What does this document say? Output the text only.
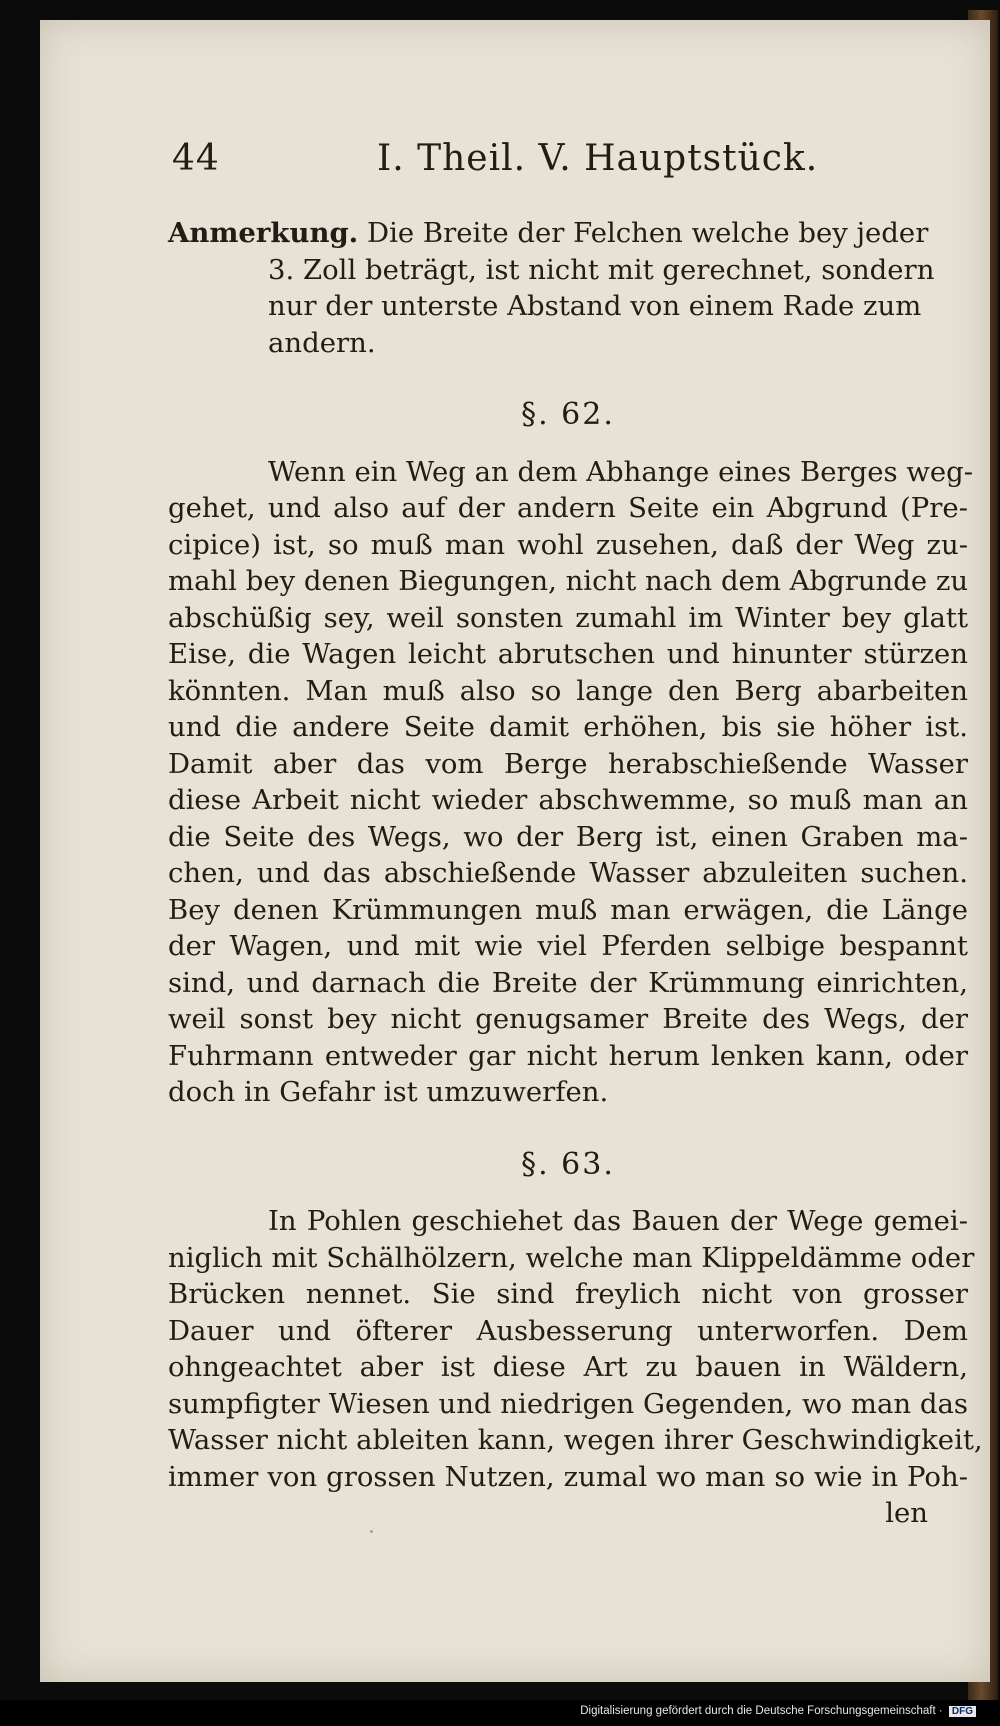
44	I. Theil. V. Hauptstück.
Anmerkung. Die Breite der Felchen welche bey jeder
3. Zoll beträgt, ist nicht mit gerechnet, sondern
nur der unterste Abstand von einem Rade zum
andern.
§. 62.
Wenn ein Weg an dem Abhange eines Berges weg-
gehet, und also auf der andern Seite ein Abgrund (Pre-
cipice) ist, so muß man wohl zusehen, daß der Weg zu-
mahl bey denen Biegungen, nicht nach dem Abgrunde zu
abschüßig sey, weil sonsten zumahl im Winter bey glatt
Eise, die Wagen leicht abrutschen und hinunter stürzen
könnten. Man muß also so lange den Berg abarbeiten
und die andere Seite damit erhöhen, bis sie höher ist.
Damit aber das vom Berge herabschießende Wasser
diese Arbeit nicht wieder abschwemme, so muß man an
die Seite des Wegs, wo der Berg ist, einen Graben ma-
chen, und das abschießende Wasser abzuleiten suchen.
Bey denen Krümmungen muß man erwägen, die Länge
der Wagen, und mit wie viel Pferden selbige bespannt
sind, und darnach die Breite der Krümmung einrichten,
weil sonst bey nicht genugsamer Breite des Wegs, der
Fuhrmann entweder gar nicht herum lenken kann, oder
doch in Gefahr ist umzuwerfen.
§. 63.
In Pohlen geschiehet das Bauen der Wege gemei-
niglich mit Schälhölzern, welche man Klippeldämme oder
Brücken nennet. Sie sind freylich nicht von grosser
Dauer und öfterer Ausbesserung unterworfen. Dem
ohngeachtet aber ist diese Art zu bauen in Wäldern,
sumpfigter Wiesen und niedrigen Gegenden, wo man das
Wasser nicht ableiten kann, wegen ihrer Geschwindigkeit,
immer von grossen Nutzen, zumal wo man so wie in Poh-
len
Digitalisierung gefördert durch die Deutsche Forschungsgemeinschaft · DFG
